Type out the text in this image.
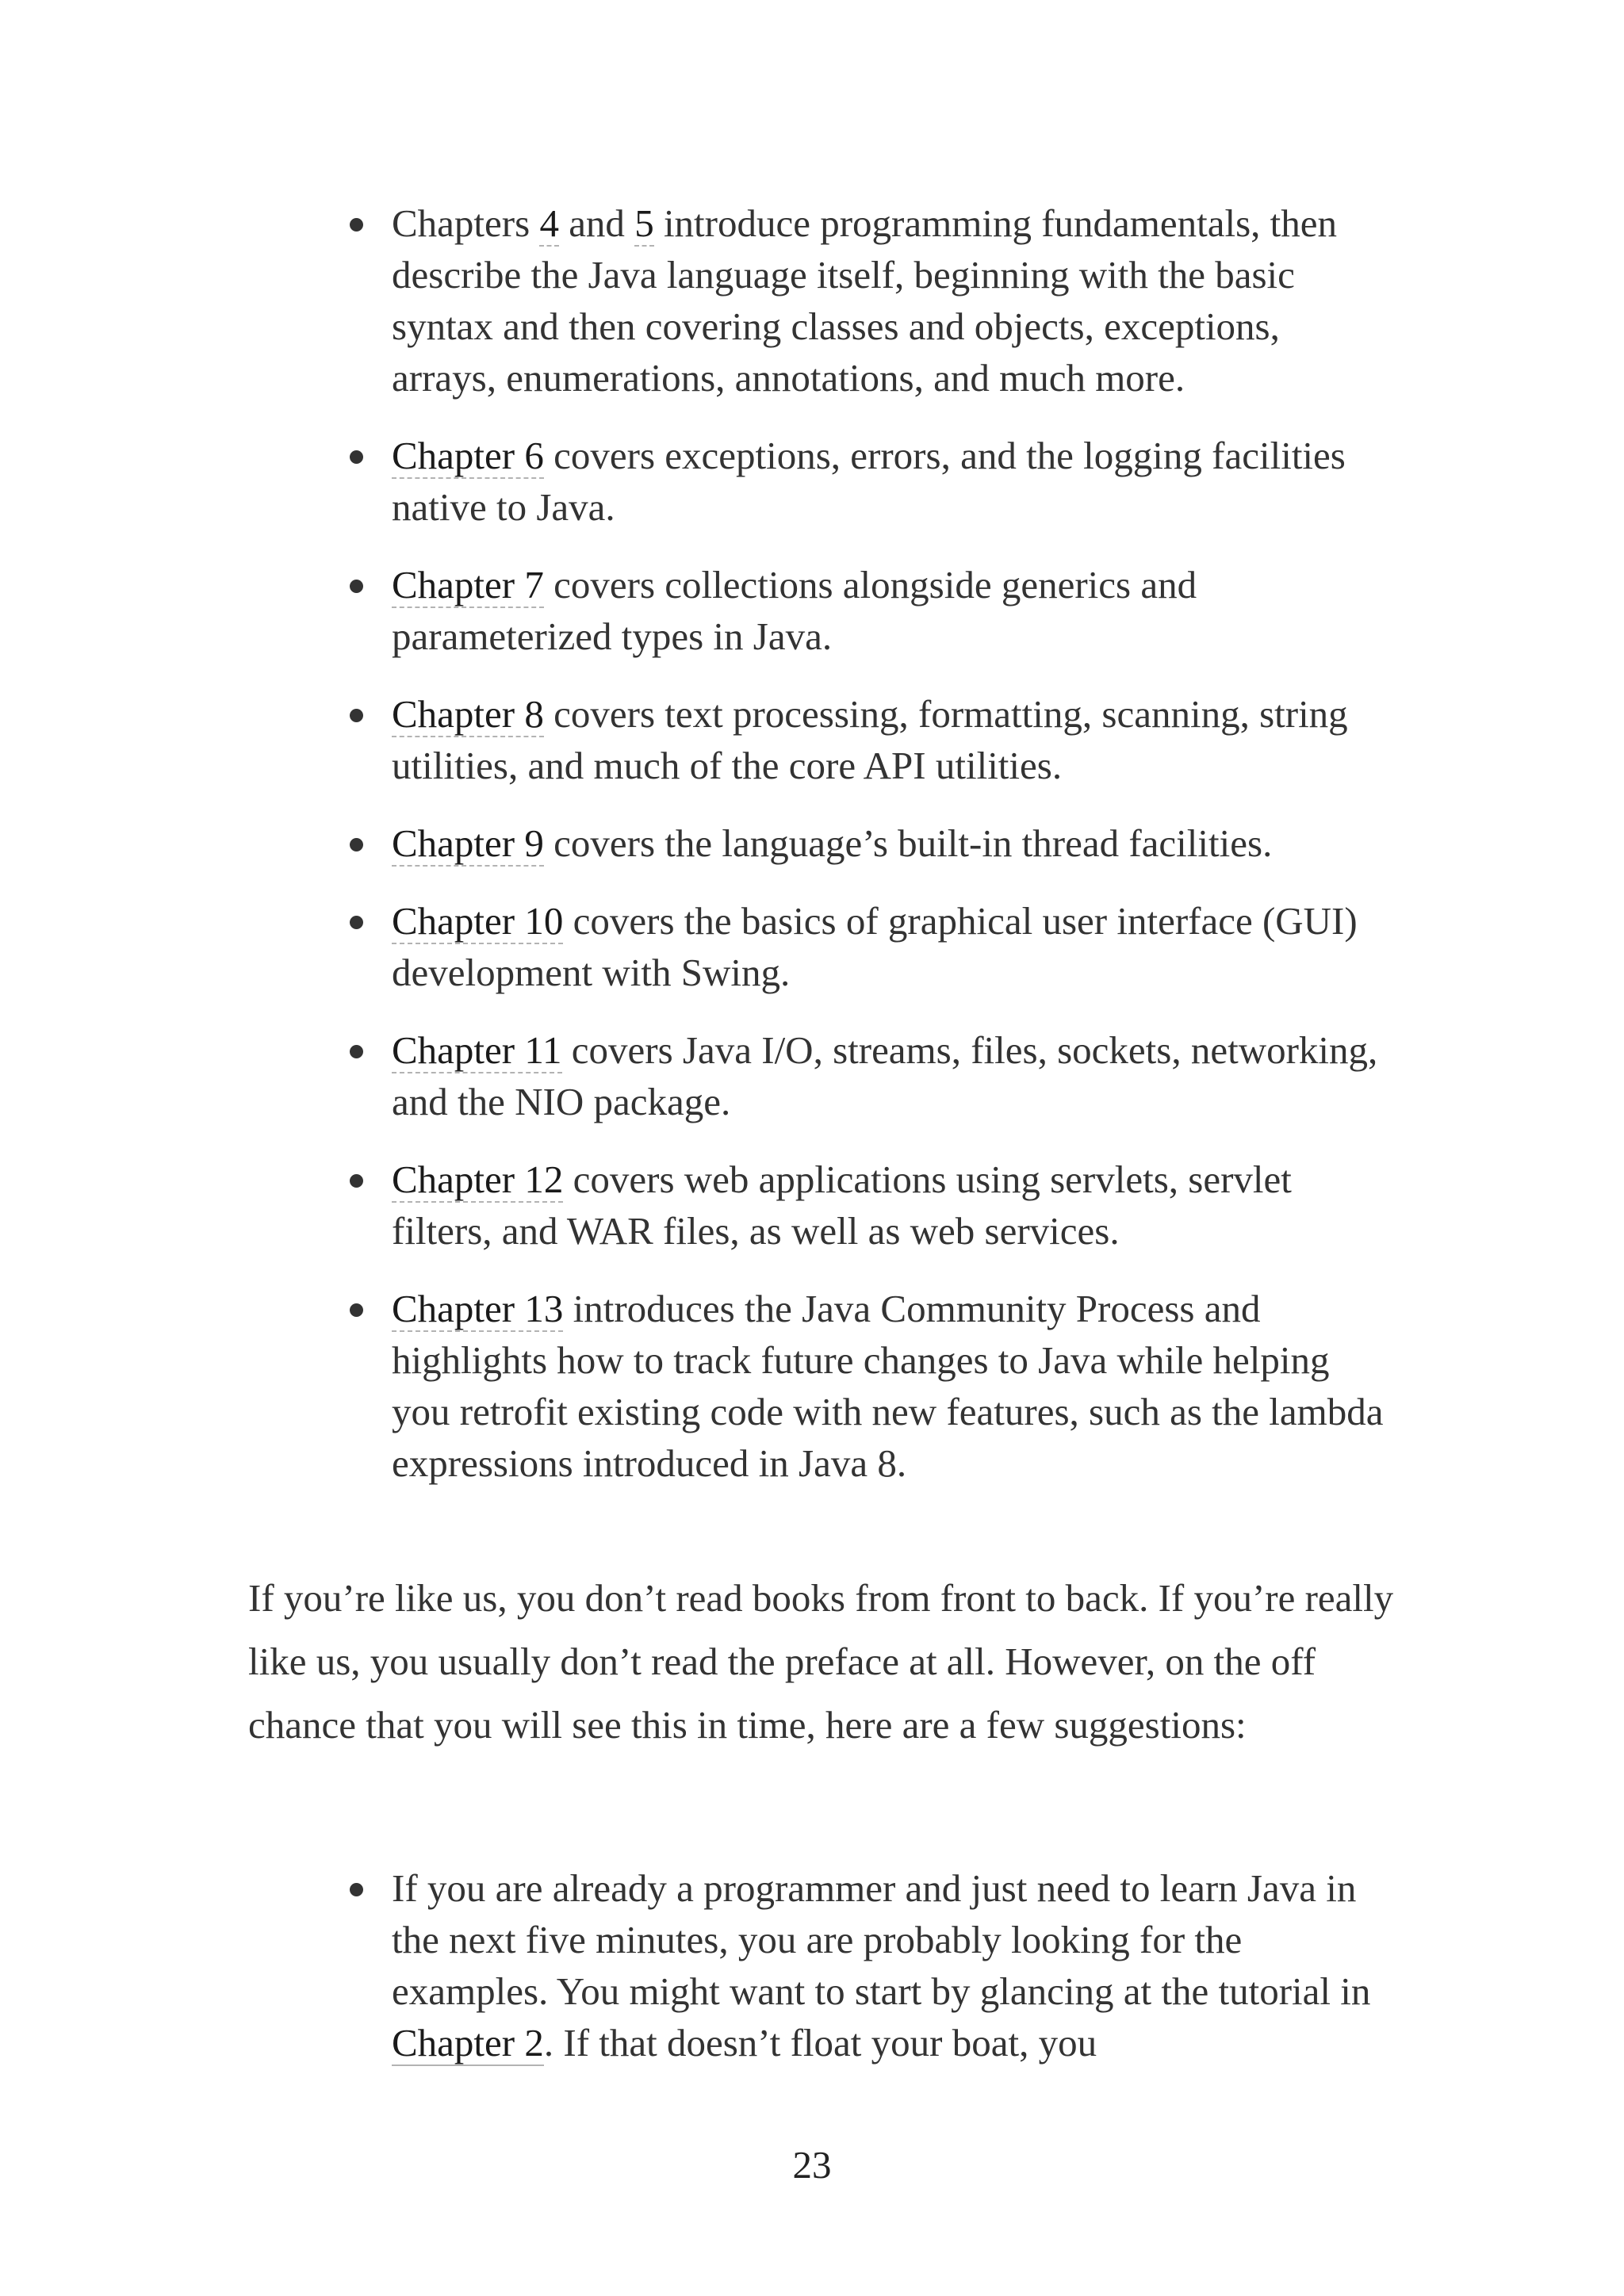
Chapters 4 and 5 introduce programming fundamentals, then describe the Java language itself, beginning with the basic syntax and then covering classes and objects, exceptions, arrays, enumerations, annotations, and much more.
Chapter 6 covers exceptions, errors, and the logging facilities native to Java.
Chapter 7 covers collections alongside generics and parameterized types in Java.
Chapter 8 covers text processing, formatting, scanning, string utilities, and much of the core API utilities.
Chapter 9 covers the language’s built-in thread facilities.
Chapter 10 covers the basics of graphical user interface (GUI) development with Swing.
Chapter 11 covers Java I/O, streams, files, sockets, networking, and the NIO package.
Chapter 12 covers web applications using servlets, servlet filters, and WAR files, as well as web services.
Chapter 13 introduces the Java Community Process and highlights how to track future changes to Java while helping you retrofit existing code with new features, such as the lambda expressions introduced in Java 8.

If you’re like us, you don’t read books from front to back. If you’re really like us, you usually don’t read the preface at all. However, on the off chance that you will see this in time, here are a few suggestions:

If you are already a programmer and just need to learn Java in the next five minutes, you are probably looking for the examples. You might want to start by glancing at the tutorial in Chapter 2. If that doesn’t float your boat, you
23
